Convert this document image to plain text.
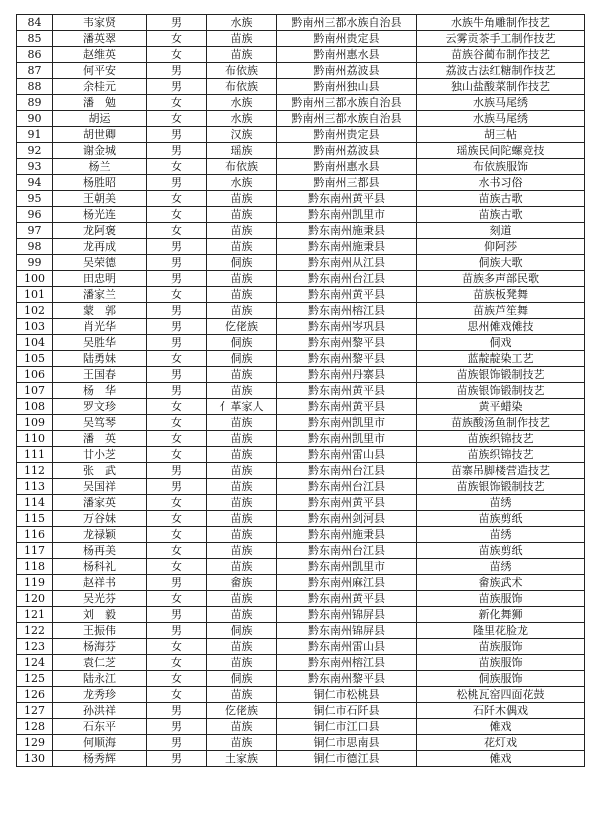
84	韦家贤	男	水族	黔南州三都水族自治县	水族牛角雕制作技艺
85	潘英翠	女	苗族	黔南州贵定县	云雾贡茶手工制作技艺
86	赵维英	女	苗族	黔南州惠水县	苗族谷蔺布制作技艺
87	何平安	男	布依族	黔南州荔波县	荔波古法红糖制作技艺
88	余桂元	男	布依族	黔南州独山县	独山盐酸菜制作技艺
89	潘　勉	女	水族	黔南州三都水族自治县	水族马尾绣
90	胡运	女	水族	黔南州三都水族自治县	水族马尾绣
91	胡世卿	男	汉族	黔南州贵定县	胡三帖
92	谢金城	男	瑶族	黔南州荔波县	瑶族民间陀螺竞技
93	杨兰	女	布依族	黔南州惠水县	布依族服饰
94	杨胜昭	男	水族	黔南州三都县	水书习俗
95	王朝美	女	苗族	黔东南州黄平县	苗族古歌
96	杨光连	女	苗族	黔东南州凯里市	苗族古歌
97	龙阿褒	女	苗族	黔东南州施秉县	刻道
98	龙再成	男	苗族	黔东南州施秉县	仰阿莎
99	吴荣德	男	侗族	黔东南州从江县	侗族大歌
100	田忠明	男	苗族	黔东南州台江县	苗族多声部民歌
101	潘家兰	女	苗族	黔东南州黄平县	苗族板凳舞
102	蒙　郭	男	苗族	黔东南州榕江县	苗族芦笙舞
103	肖光华	男	仡佬族	黔东南州岑巩县	思州傩戏傩技
104	吴胜华	男	侗族	黔东南州黎平县	侗戏
105	陆勇妹	女	侗族	黔东南州黎平县	蓝靛靛染工艺
106	王国春	男	苗族	黔东南州丹寨县	苗族银饰锻制技艺
107	杨　华	男	苗族	黔东南州黄平县	苗族银饰锻制技艺
108	罗文珍	女	亻革家人	黔东南州黄平县	黄平蜡染
109	吴笃琴	女	苗族	黔东南州凯里市	苗族酸汤鱼制作技艺
110	潘　英	女	苗族	黔东南州凯里市	苗族织锦技艺
111	廿小芝	女	苗族	黔东南州雷山县	苗族织锦技艺
112	张　武	男	苗族	黔东南州台江县	苗寨吊脚楼营造技艺
113	吴国祥	男	苗族	黔东南州台江县	苗族银饰锻制技艺
114	潘家英	女	苗族	黔东南州黄平县	苗绣
115	万谷妹	女	苗族	黔东南州剑河县	苗族剪纸
116	龙禄颖	女	苗族	黔东南州施秉县	苗绣
117	杨再美	女	苗族	黔东南州台江县	苗族剪纸
118	杨科礼	女	苗族	黔东南州凯里市	苗绣
119	赵祥书	男	畲族	黔东南州麻江县	畲族武术
120	吴光芬	女	苗族	黔东南州黄平县	苗族服饰
121	刘　毅	男	苗族	黔东南州锦屏县	新化舞狮
122	王振伟	男	侗族	黔东南州锦屏县	隆里花脸龙
123	杨海芬	女	苗族	黔东南州雷山县	苗族服饰
124	袁仁芝	女	苗族	黔东南州榕江县	苗族服饰
125	陆永江	女	侗族	黔东南州黎平县	侗族服饰
126	龙秀珍	女	苗族	铜仁市松桃县	松桃瓦窑四面花鼓
127	孙洪祥	男	仡佬族	铜仁市石阡县	石阡木偶戏
128	石东平	男	苗族	铜仁市江口县	傩戏
129	何顺海	男	苗族	铜仁市思南县	花灯戏
130	杨秀辉	男	土家族	铜仁市德江县	傩戏
